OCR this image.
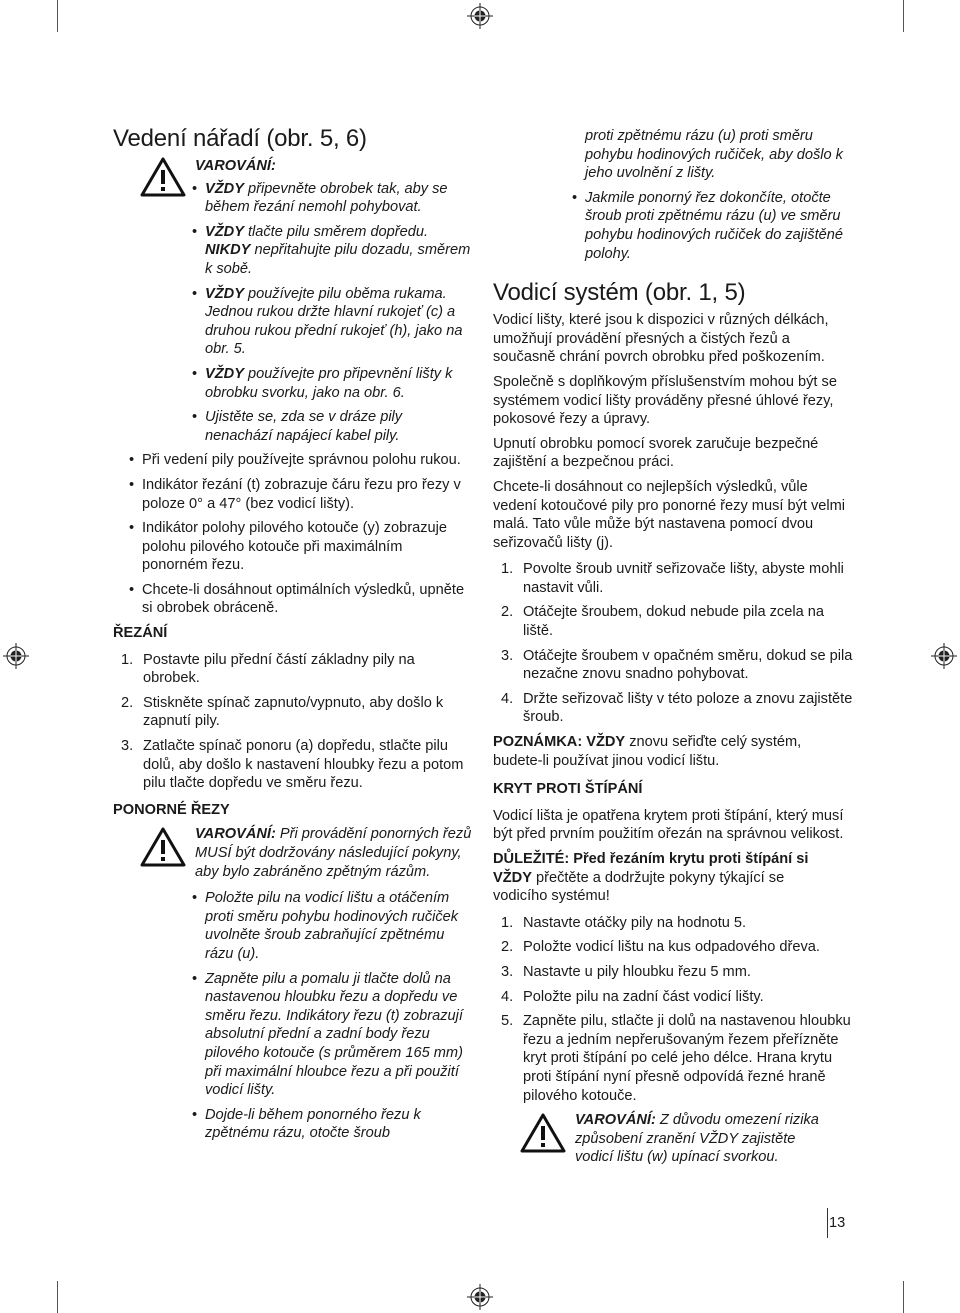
Vedení nářadí (obr. 5, 6)

VAROVÁNÍ:

• VŽDY připevněte obrobek tak, aby se během řezání nemohl pohybovat.
• VŽDY tlačte pilu směrem dopředu. NIKDY nepřitahujte pilu dozadu, směrem k sobě.
• VŽDY používejte pilu oběma rukama. Jednou rukou držte hlavní rukojeť (c) a druhou rukou přední rukojeť (h), jako na obr. 5.
• VŽDY používejte pro připevnění lišty k obrobku svorku, jako na obr. 6.
• Ujistěte se, zda se v dráze pily nenachází napájecí kabel pily.
• Při vedení pily používejte správnou polohu rukou.
• Indikátor řezání (t) zobrazuje čáru řezu pro řezy v poloze 0° a 47° (bez vodicí lišty).
• Indikátor polohy pilového kotouče (y) zobrazuje polohu pilového kotouče při maximálním ponorném řezu.
• Chcete-li dosáhnout optimálních výsledků, upněte si obrobek obráceně.

ŘEZÁNÍ

1. Postavte pilu přední částí základny pily na obrobek.
2. Stiskněte spínač zapnuto/vypnuto, aby došlo k zapnutí pily.
3. Zatlačte spínač ponoru (a) dopředu, stlačte pilu dolů, aby došlo k nastavení hloubky řezu a potom pilu tlačte dopředu ve směru řezu.

PONORNÉ ŘEZY

VAROVÁNÍ: Při provádění ponorných řezů MUSÍ být dodržovány následující pokyny, aby bylo zabráněno zpětným rázům.

• Položte pilu na vodicí lištu a otáčením proti směru pohybu hodinových ručiček uvolněte šroub zabraňující zpětnému rázu (u).
• Zapněte pilu a pomalu ji tlačte dolů na nastavenou hloubku řezu a dopředu ve směru řezu. Indikátory řezu (t) zobrazují absolutní přední a zadní body řezu pilového kotouče (s průměrem 165 mm) při maximální hloubce řezu a při použití vodicí lišty.
• Dojde-li během ponorného řezu k zpětnému rázu, otočte šroub

proti zpětnému rázu (u) proti směru pohybu hodinových ručiček, aby došlo k jeho uvolnění z lišty.

• Jakmile ponorný řez dokončíte, otočte šroub proti zpětnému rázu (u) ve směru pohybu hodinových ručiček do zajištěné polohy.
Vodicí systém (obr. 1, 5)

Vodicí lišty, které jsou k dispozici v různých délkách, umožňují provádění přesných a čistých řezů a současně chrání povrch obrobku před poškozením.

Společně s doplňkovým příslušenstvím mohou být se systémem vodicí lišty prováděny přesné úhlové řezy, pokosové řezy a úpravy.

Upnutí obrobku pomocí svorek zaručuje bezpečné zajištění a bezpečnou práci.

Chcete-li dosáhnout co nejlepších výsledků, vůle vedení kotoučové pily pro ponorné řezy musí být velmi malá. Tato vůle může být nastavena pomocí dvou seřizovačů lišty (j).

1. Povolte šroub uvnitř seřizovače lišty, abyste mohli nastavit vůli.
2. Otáčejte šroubem, dokud nebude pila zcela na liště.
3. Otáčejte šroubem v opačném směru, dokud se pila nezačne znovu snadno pohybovat.
4. Držte seřizovač lišty v této poloze a znovu zajistěte šroub.

POZNÁMKA: VŽDY znovu seřiďte celý systém, budete-li používat jinou vodicí lištu.

KRYT PROTI ŠTÍPÁNÍ

Vodicí lišta je opatřena krytem proti štípání, který musí být před prvním použitím ořezán na správnou velikost.

DŮLEŽITÉ: Před řezáním krytu proti štípání si VŽDY přečtěte a dodržujte pokyny týkající se vodicího systému!

1. Nastavte otáčky pily na hodnotu 5.
2. Položte vodicí lištu na kus odpadového dřeva.
3. Nastavte u pily hloubku řezu 5 mm.
4. Položte pilu na zadní část vodicí lišty.
5. Zapněte pilu, stlačte ji dolů na nastavenou hloubku řezu a jedním nepřerušovaným řezem přeřízněte kryt proti štípání po celé jeho délce. Hrana krytu proti štípání nyní přesně odpovídá řezné hraně pilového kotouče.

VAROVÁNÍ: Z důvodu omezení rizika způsobení zranění VŽDY zajistěte vodicí lištu (w) upínací svorkou.

13
